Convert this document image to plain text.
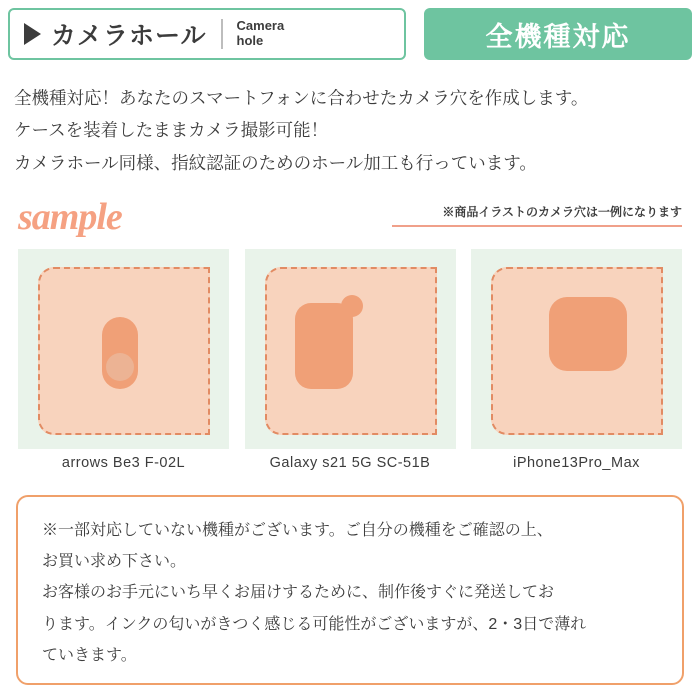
カメラホール Camera
hole	全機種対応
全機種対応！あなたのスマートフォンに合わせたカメラ穴を作成します。
ケースを装着したままカメラ撮影可能！
カメラホール同様、指紋認証のためのホール加工も行っています。
sample	※商品イラストのカメラ穴は一例になります
arrows Be3 F-02L	Galaxy s21 5G SC-51B	iPhone13Pro_Max
※一部対応していない機種がございます。ご自分の機種をご確認の上、
お買い求め下さい。
お客様のお手元にいち早くお届けするために、制作後すぐに発送してお
ります。インクの匂いがきつく感じる可能性がございますが、2・3日で薄れ
ていきます。
